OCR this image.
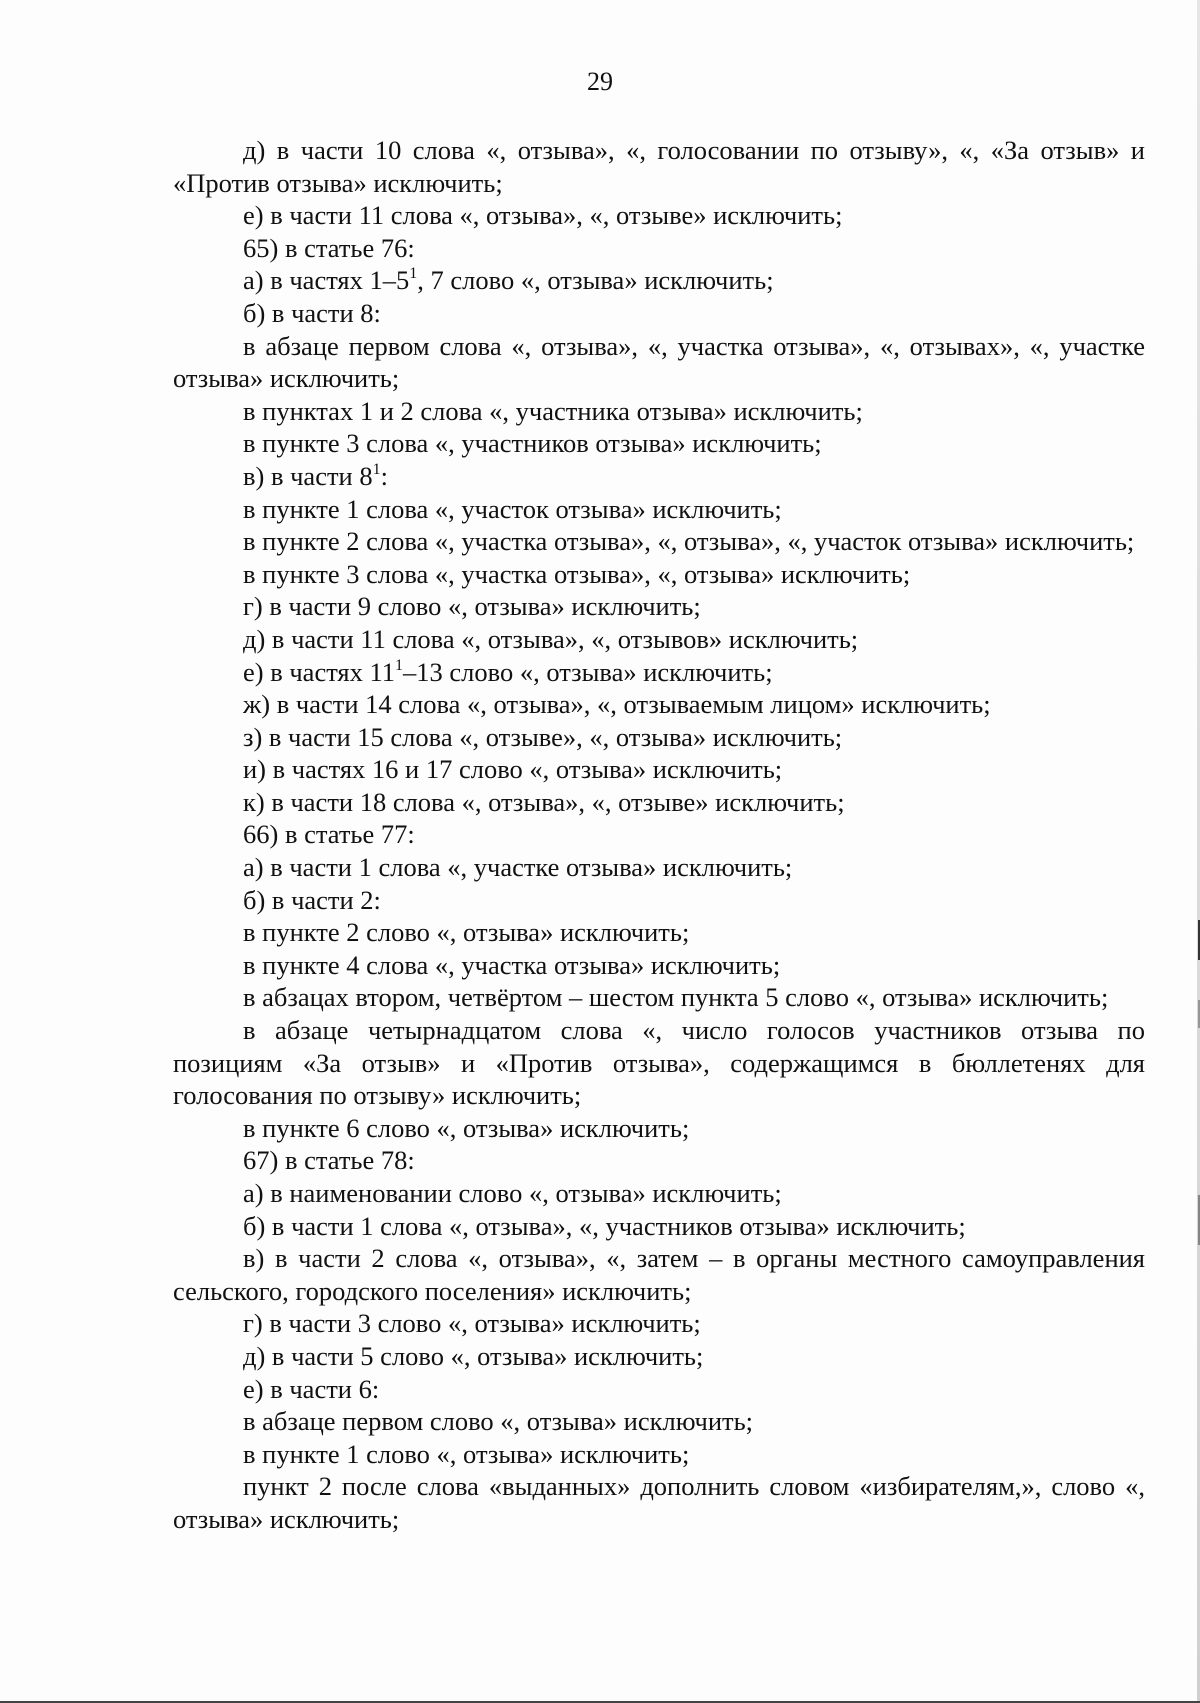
29

д) в части 10 слова «, отзыва», «, голосовании по отзыву», «, «За отзыв» и «Против отзыва» исключить;

е) в части 11 слова «, отзыва», «, отзыве» исключить;

65) в статье 76:

а) в частях $1-5^1$, 7 слово «, отзыва» исключить;

б) в части 8:

в абзаце первом слова «, отзыва», «, участка отзыва», «, отзывах», «, участке отзыва» исключить;

в пунктах 1 и 2 слова «, участника отзыва» исключить;

в пункте 3 слова «, участников отзыва» исключить;

в) в части $8^1$:

в пункте 1 слова «, участок отзыва» исключить;

в пункте 2 слова «, участка отзыва», «, отзыва», «, участок отзыва» исключить;

в пункте 3 слова «, участка отзыва», «, отзыва» исключить;

г) в части 9 слово «, отзыва» исключить;

д) в части 11 слова «, отзыва», «, отзывов» исключить;

е) в частях $11^1-13$ слово «, отзыва» исключить;

ж) в части 14 слова «, отзыва», «, отзываемым лицом» исключить;

з) в части 15 слова «, отзыве», «, отзыва» исключить;

и) в частях 16 и 17 слово «, отзыва» исключить;

к) в части 18 слова «, отзыва», «, отзыве» исключить;

66) в статье 77:

а) в части 1 слова «, участке отзыва» исключить;

б) в части 2:

в пункте 2 слово «, отзыва» исключить;

в пункте 4 слова «, участка отзыва» исключить;

в абзацах втором, четвёртом – шестом пункта 5 слово «, отзыва» исключить;

в абзаце четырнадцатом слова «, число голосов участников отзыва по позициям «За отзыв» и «Против отзыва», содержащимся в бюллетенях для голосования по отзыву» исключить;

в пункте 6 слово «, отзыва» исключить;

67) в статье 78:

а) в наименовании слово «, отзыва» исключить;

б) в части 1 слова «, отзыва», «, участников отзыва» исключить;

в) в части 2 слова «, отзыва», «, затем – в органы местного самоуправления сельского, городского поселения» исключить;

г) в части 3 слово «, отзыва» исключить;

д) в части 5 слово «, отзыва» исключить;

е) в части 6:

в абзаце первом слово «, отзыва» исключить;

в пункте 1 слово «, отзыва» исключить;

пункт 2 после слова «выданных» дополнить словом «избирателям,», слово «, отзыва» исключить;
